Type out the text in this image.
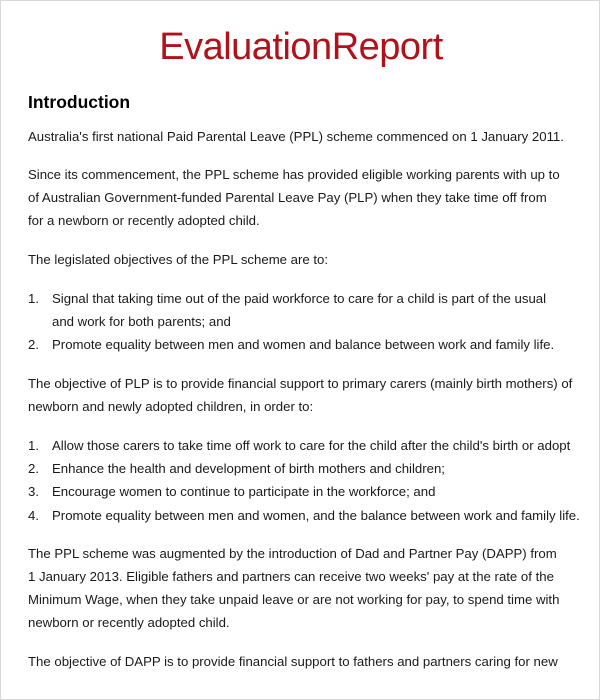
EvaluationReport
Introduction
Australia's first national Paid Parental Leave (PPL) scheme commenced on 1 January 2011.
Since its commencement, the PPL scheme has provided eligible working parents with up to
of Australian Government-funded Parental Leave Pay (PLP) when they take time off from
for a newborn or recently adopted child.
The legislated objectives of the PPL scheme are to:
1. Signal that taking time out of the paid workforce to care for a child is part of the usual
and work for both parents; and
2. Promote equality between men and women and balance between work and family life.
The objective of PLP is to provide financial support to primary carers (mainly birth mothers) of
newborn and newly adopted children, in order to:
1. Allow those carers to take time off work to care for the child after the child's birth or adopt
2. Enhance the health and development of birth mothers and children;
3. Encourage women to continue to participate in the workforce; and
4. Promote equality between men and women, and the balance between work and family life.
The PPL scheme was augmented by the introduction of Dad and Partner Pay (DAPP) from
1 January 2013. Eligible fathers and partners can receive two weeks' pay at the rate of the
Minimum Wage, when they take unpaid leave or are not working for pay, to spend time with
newborn or recently adopted child.
The objective of DAPP is to provide financial support to fathers and partners caring for new
